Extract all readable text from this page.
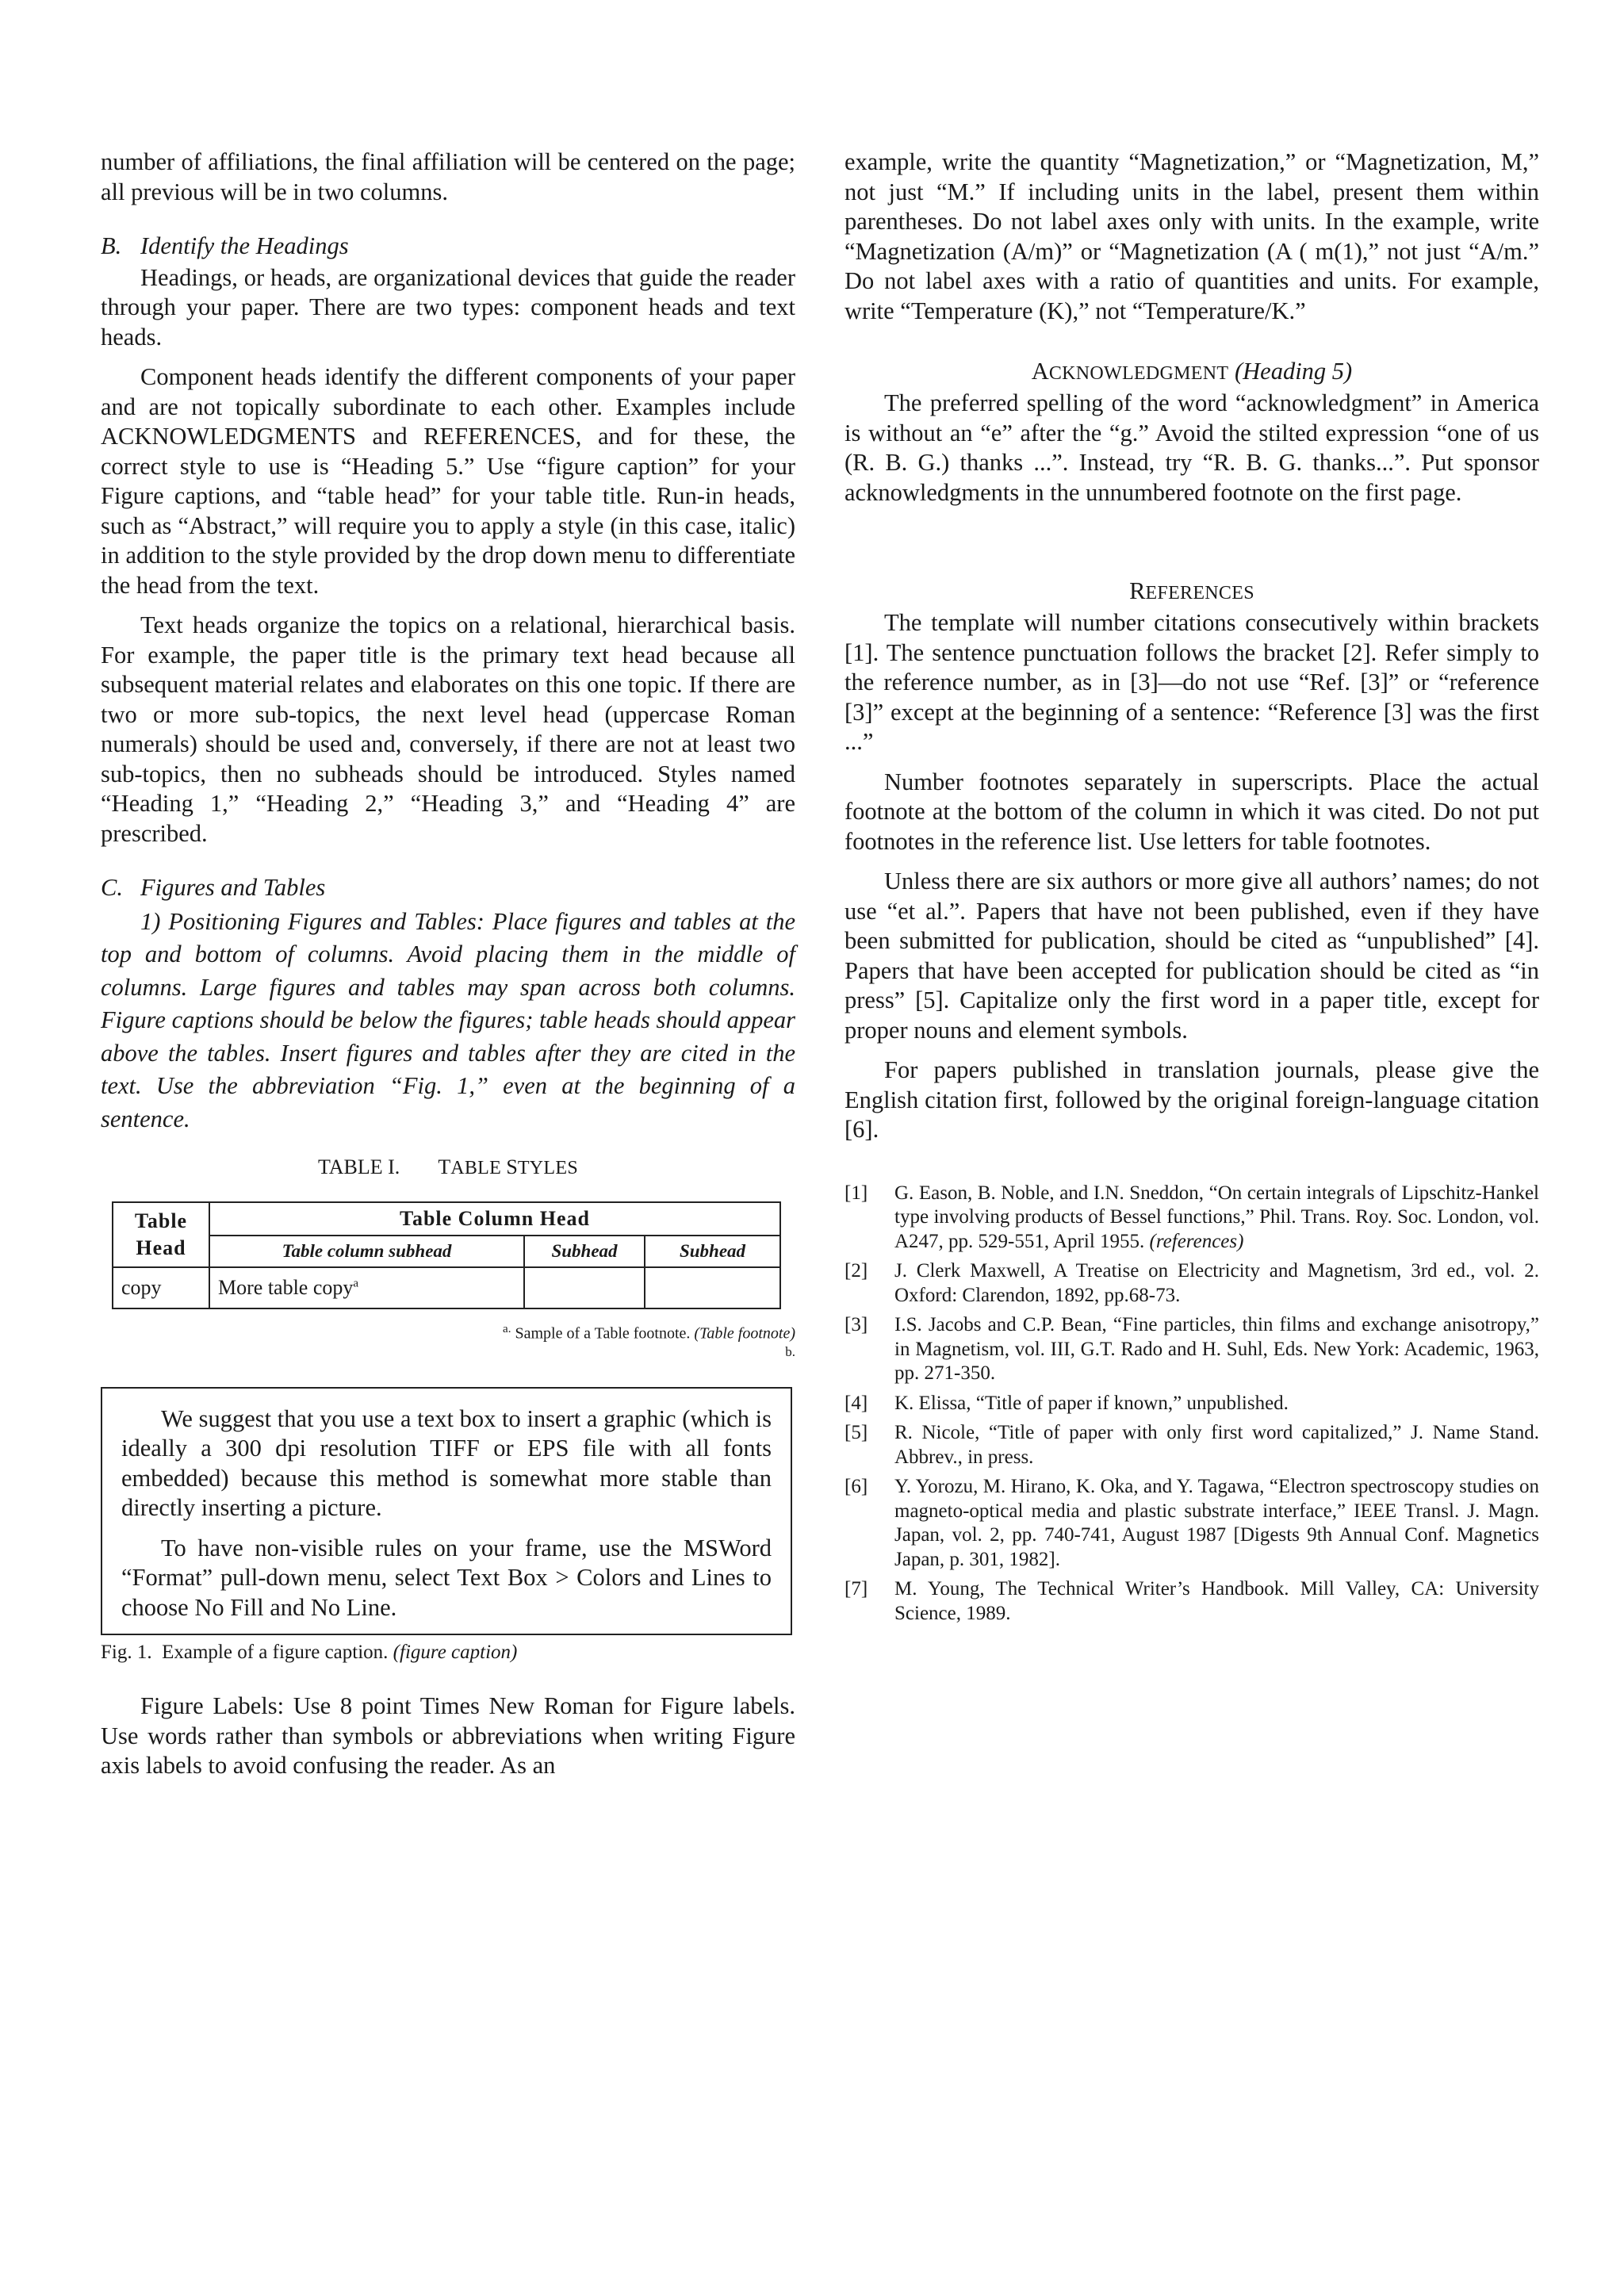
number of affiliations, the final affiliation will be centered on the page; all previous will be in two columns.

B. Identify the Headings

Headings, or heads, are organizational devices that guide the reader through your paper. There are two types: component heads and text heads.

Component heads identify the different components of your paper and are not topically subordinate to each other. Examples include ACKNOWLEDGMENTS and REFERENCES, and for these, the correct style to use is “Heading 5.” Use “figure caption” for your Figure captions, and “table head” for your table title. Run-in heads, such as “Abstract,” will require you to apply a style (in this case, italic) in addition to the style provided by the drop down menu to differentiate the head from the text.

Text heads organize the topics on a relational, hierarchical basis. For example, the paper title is the primary text head because all subsequent material relates and elaborates on this one topic. If there are two or more sub-topics, the next level head (uppercase Roman numerals) should be used and, conversely, if there are not at least two sub-topics, then no subheads should be introduced. Styles named “Heading 1,” “Heading 2,” “Heading 3,” and “Heading 4” are prescribed.

C. Figures and Tables

1) Positioning Figures and Tables: Place figures and tables at the top and bottom of columns. Avoid placing them in the middle of columns. Large figures and tables may span across both columns. Figure captions should be below the figures; table heads should appear above the tables. Insert figures and tables after they are cited in the text. Use the abbreviation “Fig. 1,” even at the beginning of a sentence.

TABLE I. TABLE STYLES

Table Head	Table Column Head		
	Table column subhead	Subhead	Subhead
copy	More table copy$^a$		

$^{a.}$ Sample of a Table footnote. (Table footnote)

b.

We suggest that you use a text box to insert a graphic (which is ideally a 300 dpi resolution TIFF or EPS file with all fonts embedded) because this method is somewhat more stable than directly inserting a picture.

To have non-visible rules on your frame, use the MSWord “Format” pull-down menu, select Text Box > Colors and Lines to choose No Fill and No Line.

Fig. 1. Example of a figure caption. (figure caption)

Figure Labels: Use 8 point Times New Roman for Figure labels. Use words rather than symbols or abbreviations when writing Figure axis labels to avoid confusing the reader. As an

example, write the quantity “Magnetization,” or “Magnetization, M,” not just “M.” If including units in the label, present them within parentheses. Do not label axes only with units. In the example, write “Magnetization (A/m)” or “Magnetization (A ( m(1),” not just “A/m.” Do not label axes with a ratio of quantities and units. For example, write “Temperature (K),” not “Temperature/K.”

ACKNOWLEDGMENT (Heading 5)

The preferred spelling of the word “acknowledgment” in America is without an “e” after the “g.” Avoid the stilted expression “one of us (R. B. G.) thanks ...”. Instead, try “R. B. G. thanks...”. Put sponsor acknowledgments in the unnumbered footnote on the first page.

REFERENCES

The template will number citations consecutively within brackets [1]. The sentence punctuation follows the bracket [2]. Refer simply to the reference number, as in [3]—do not use “Ref. [3]” or “reference [3]” except at the beginning of a sentence: “Reference [3] was the first ...”

Number footnotes separately in superscripts. Place the actual footnote at the bottom of the column in which it was cited. Do not put footnotes in the reference list. Use letters for table footnotes.

Unless there are six authors or more give all authors’ names; do not use “et al.”. Papers that have not been published, even if they have been submitted for publication, should be cited as “unpublished” [4]. Papers that have been accepted for publication should be cited as “in press” [5]. Capitalize only the first word in a paper title, except for proper nouns and element symbols.

For papers published in translation journals, please give the English citation first, followed by the original foreign-language citation [6].

[1]	G. Eason, B. Noble, and I.N. Sneddon, “On certain integrals of Lipschitz-Hankel type involving products of Bessel functions,” Phil. Trans. Roy. Soc. London, vol. A247, pp. 529-551, April 1955. (references)
[2]	J. Clerk Maxwell, A Treatise on Electricity and Magnetism, 3rd ed., vol. 2. Oxford: Clarendon, 1892, pp.68-73.
[3]	I.S. Jacobs and C.P. Bean, “Fine particles, thin films and exchange anisotropy,” in Magnetism, vol. III, G.T. Rado and H. Suhl, Eds. New York: Academic, 1963, pp. 271-350.
[4]	K. Elissa, “Title of paper if known,” unpublished.
[5]	R. Nicole, “Title of paper with only first word capitalized,” J. Name Stand. Abbrev., in press.
[6]	Y. Yorozu, M. Hirano, K. Oka, and Y. Tagawa, “Electron spectroscopy studies on magneto-optical media and plastic substrate interface,” IEEE Transl. J. Magn. Japan, vol. 2, pp. 740-741, August 1987 [Digests 9th Annual Conf. Magnetics Japan, p. 301, 1982].
[7]	M. Young, The Technical Writer’s Handbook. Mill Valley, CA: University Science, 1989.
